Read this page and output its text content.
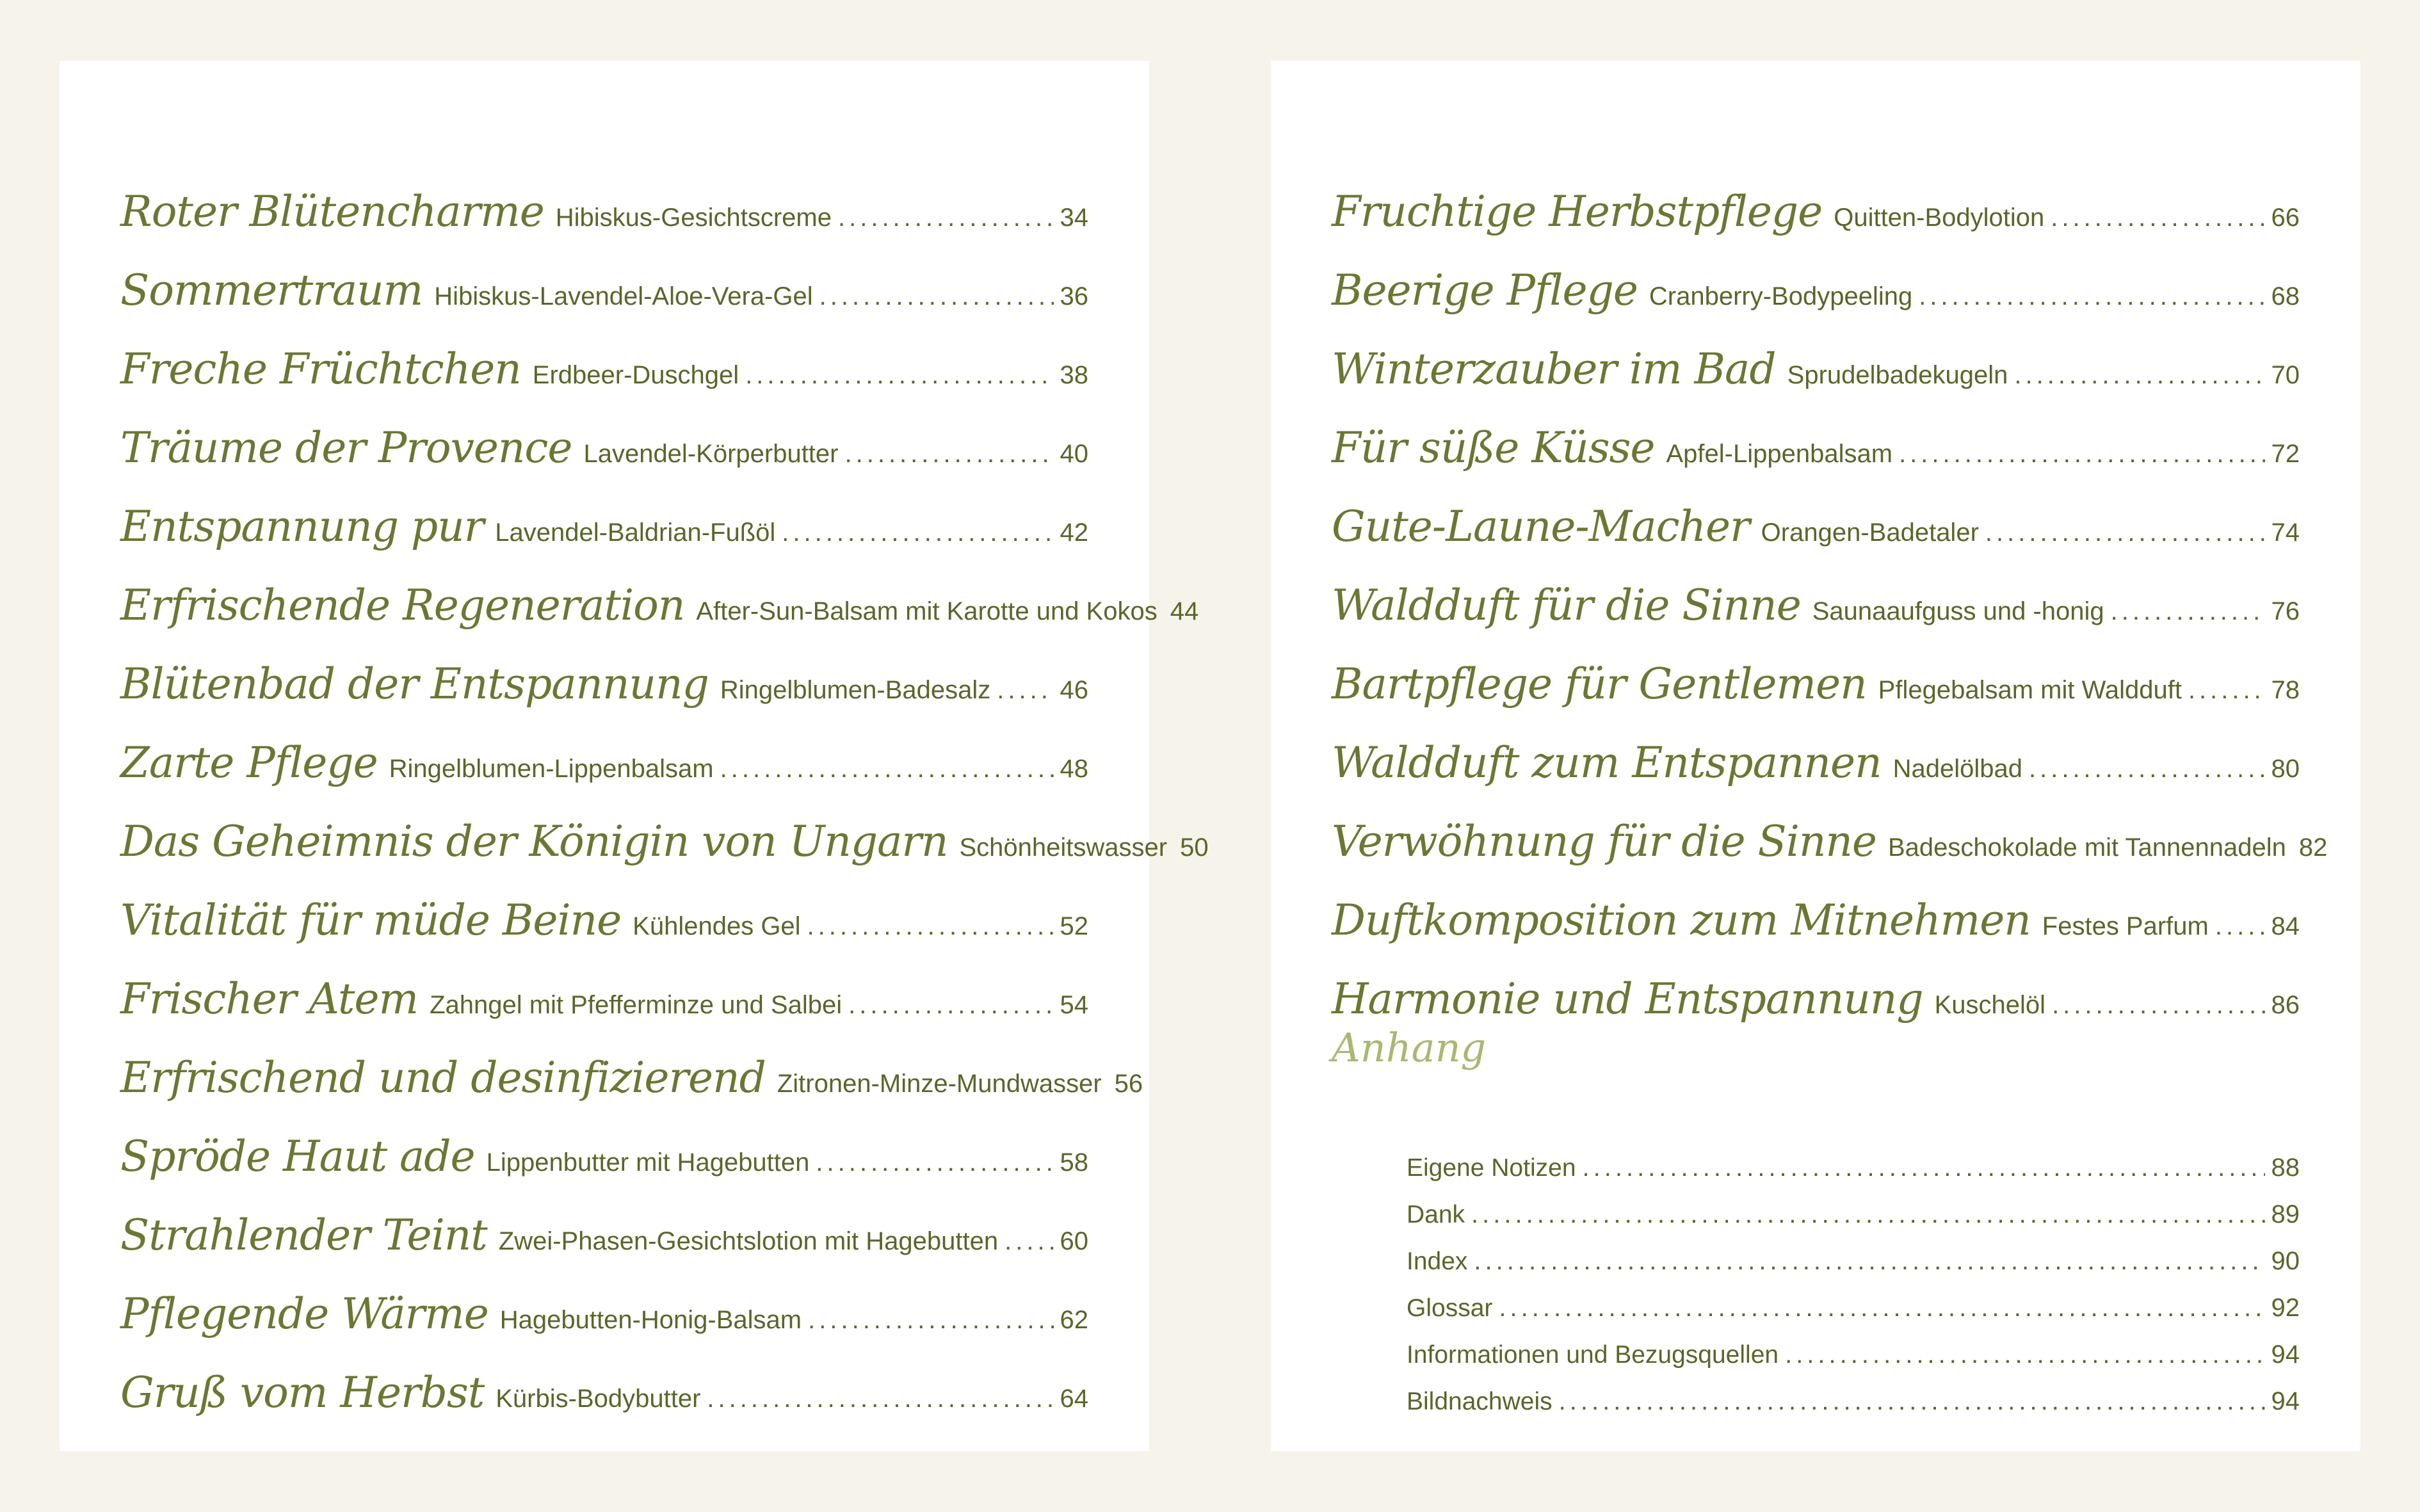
Roter Blütencharme Hibiskus-Gesichtscreme .....	34
Sommertraum Hibiskus-Lavendel-Aloe-Vera-Gel .....	36
Freche Früchtchen Erdbeer-Duschgel .....	38
Träume der Provence Lavendel-Körperbutter .....	40
Entspannung pur Lavendel-Baldrian-Fußöl .....	42
Erfrischende Regeneration After-Sun-Balsam mit Karotte und Kokos 44
Blütenbad der Entspannung Ringelblumen-Badesalz .....	46
Zarte Pflege Ringelblumen-Lippenbalsam .....	48
Das Geheimnis der Königin von Ungarn Schönheitswasser 50
Vitalität für müde Beine Kühlendes Gel .....	52
Frischer Atem Zahngel mit Pfefferminze und Salbei .....	54
Erfrischend und desinfizierend Zitronen-Minze-Mundwasser 56
Spröde Haut ade Lippenbutter mit Hagebutten .....	58
Strahlender Teint Zwei-Phasen-Gesichtslotion mit Hagebutten ..... 60
Pflegende Wärme Hagebutten-Honig-Balsam .....	62
Gruß vom Herbst Kürbis-Bodybutter .....	64
Fruchtige Herbstpflege Quitten-Bodylotion .....	66
Beerige Pflege Cranberry-Bodypeeling .....	68
Winterzauber im Bad Sprudelbadekugeln .....	70
Für süße Küsse Apfel-Lippenbalsam .....	72
Gute-Laune-Macher Orangen-Badetaler .....	74
Waldduft für die Sinne Saunaaufguss und -honig .....	76
Bartpflege für Gentlemen Pflegebalsam mit Waldduft .....	78
Waldduft zum Entspannen Nadelölbad .....	80
Verwöhnung für die Sinne Badeschokolade mit Tannennadeln 82
Duftkomposition zum Mitnehmen Festes Parfum ..... 84
Harmonie und Entspannung Kuschelöl .....	86
Anhang
Eigene Notizen .....	88
Dank .....	89
Index .....	90
Glossar .....	92
Informationen und Bezugsquellen .....	94
Bildnachweis .....	94
